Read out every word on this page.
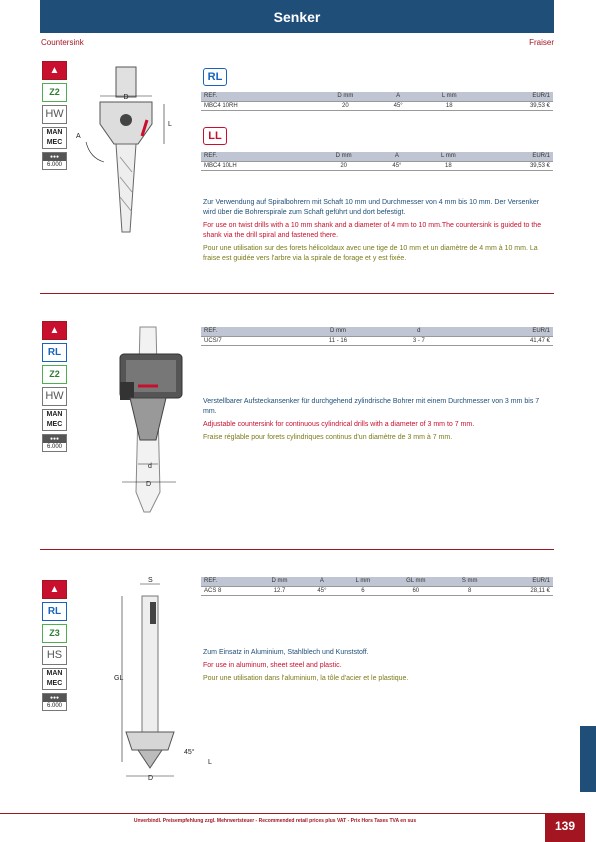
Senker
Countersink	Fraiser
▲
Z2
HW
MAN
MEC
●●●
6.000
D
L
A
RL
REF.	D mm	A	L mm	EUR/1
MBC4 10RH	20	45°	18	39,53 €
LL
REF.	D mm	A	L mm	EUR/1
MBC4 10LH	20	45°	18	39,53 €

Zur Verwendung auf Spiralbohrern mit Schaft 10 mm und Durchmesser von 4 mm bis 10 mm. Der Versenker wird über die Bohrerspirale zum Schaft geführt und dort befestigt.

For use on twist drills with a 10 mm shank and a diameter of 4 mm to 10 mm.The countersink is guided to the shank via the drill spiral and fastened there.

Pour une utilisation sur des forets hélicoïdaux avec une tige de 10 mm et un diamètre de 4 mm à 10 mm. La fraise est guidée vers l'arbre via la spirale de forage et y est fixée.

▲
RL
Z2
HW
MAN
MEC
●●●
6.000
d
D
REF.	D mm	d	EUR/1
UCS/7	11 - 16	3 - 7	41,47 €

Verstellbarer Aufsteckansenker für durchgehend zylindrische Bohrer mit einem Durchmesser von 3 mm bis 7 mm.

Adjustable countersink for continuous cylindrical drills with a diameter of 3 mm to 7 mm.

Fraise réglable pour forets cylindriques continus d'un diamètre de 3 mm à 7 mm.

▲
RL
Z3
HS
MAN
MEC
●●●
6.000
S
GL
D
45°
L
REF.	D mm	A	L mm	GL mm	S mm	EUR/1
ACS 8	12.7	45°	6	60	8	28,11 €

Zum Einsatz in Aluminium, Stahlblech und Kunststoff.

For use in aluminum, sheet steel and plastic.

Pour une utilisation dans l'aluminium, la tôle d'acier et le plastique.

Unverbindl. Preisempfehlung zzgl. Mehrwertsteuer - Recommended retail prices plus VAT - Prix Hors Taxes TVA en sus	139
